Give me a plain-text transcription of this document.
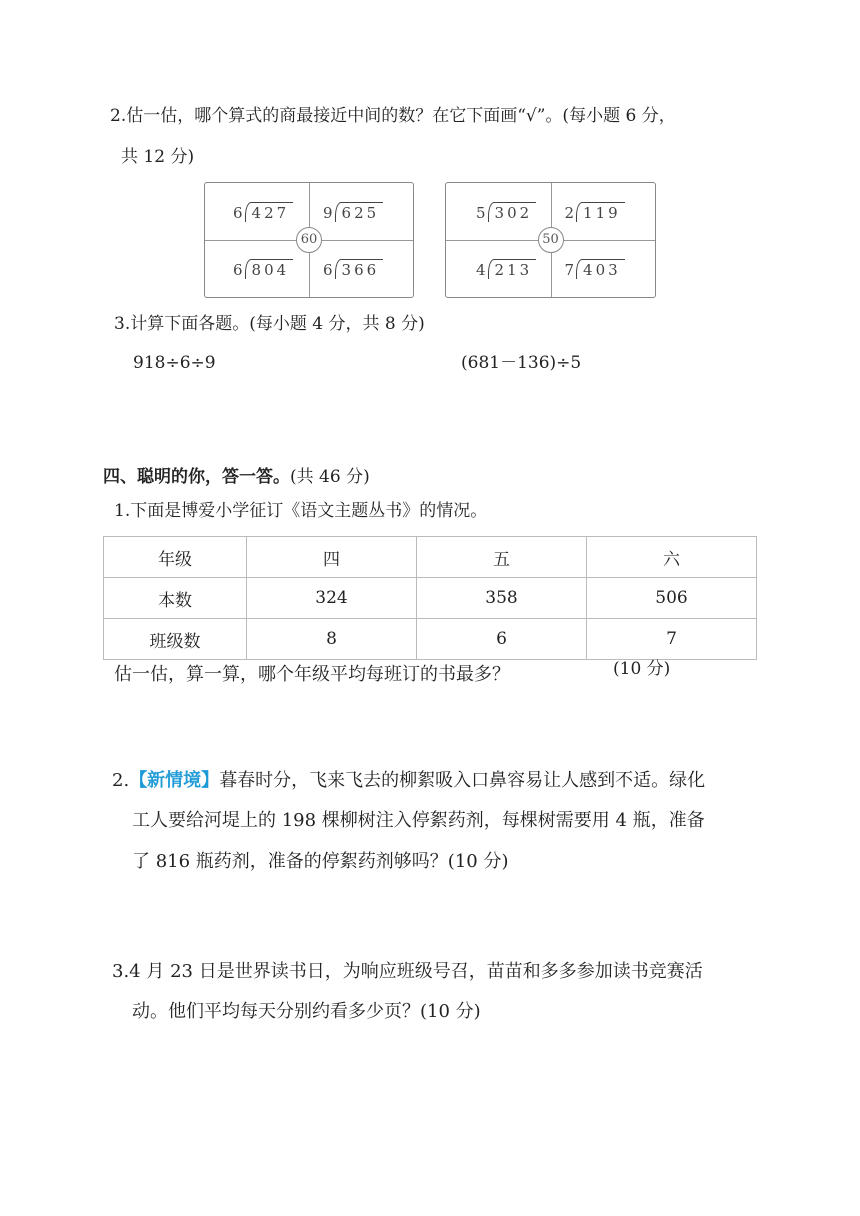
2.估一估，哪个算式的商最接近中间的数？在它下面画“√”。(每小题 6 分，
共 12 分)
6 427 9 625
6 804 6 366
60
5 302 2 119
4 213 7 403
50
3.计算下面各题。(每小题 4 分，共 8 分)
918÷6÷9	(681－136)÷5
四、聪明的你，答一答。(共 46 分)
1.下面是博爱小学征订《语文主题丛书》的情况。
年级	四	五	六
本数	324	358	506
班级数	8	6	7
估一估，算一算，哪个年级平均每班订的书最多？	(10 分)
2.【新情境】暮春时分，飞来飞去的柳絮吸入口鼻容易让人感到不适。绿化
工人要给河堤上的 198 棵柳树注入停絮药剂，每棵树需要用 4 瓶，准备
了 816 瓶药剂，准备的停絮药剂够吗？(10 分)
3.4 月 23 日是世界读书日，为响应班级号召，苗苗和多多参加读书竞赛活
动。他们平均每天分别约看多少页？(10 分)
